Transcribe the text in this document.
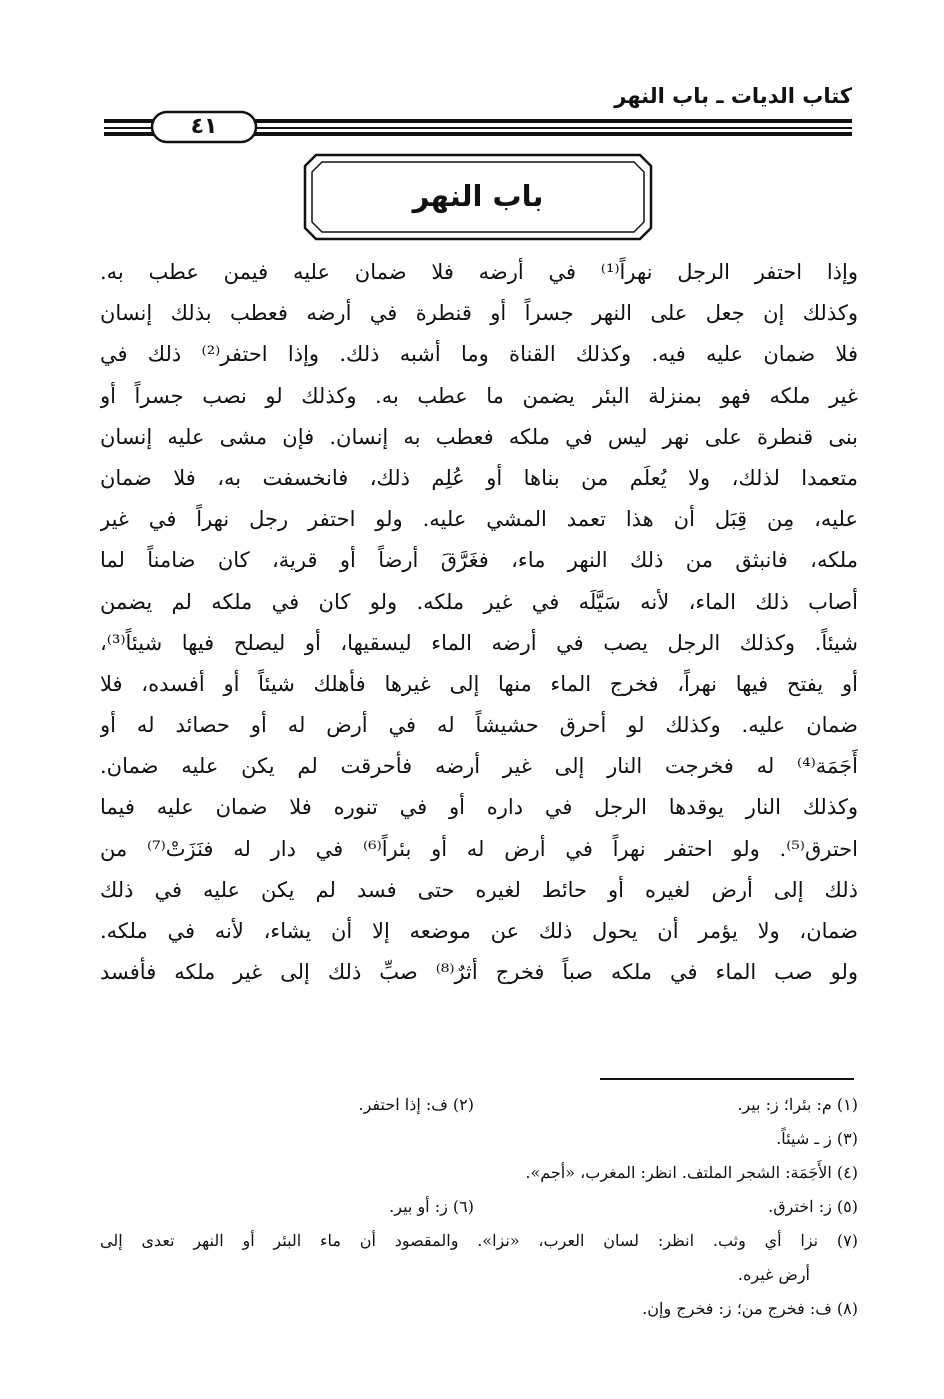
كتاب الديات ـ باب النهر
٤١
باب النهر
وإذا احتفر الرجل نهراً⁽¹⁾ في أرضه فلا ضمان عليه فيمن عطب به.
وكذلك إن جعل على النهر جسراً أو قنطرة في أرضه فعطب بذلك إنسان
فلا ضمان عليه فيه. وكذلك القناة وما أشبه ذلك. وإذا احتفر⁽²⁾ ذلك في
غير ملكه فهو بمنزلة البئر يضمن ما عطب به. وكذلك لو نصب جسراً أو
بنى قنطرة على نهر ليس في ملكه فعطب به إنسان. فإن مشى عليه إنسان
متعمدا لذلك، ولا يُعلَم من بناها أو عُلِم ذلك، فانخسفت به، فلا ضمان
عليه، مِن قِبَل أن هذا تعمد المشي عليه. ولو احتفر رجل نهراً في غير
ملكه، فانبثق من ذلك النهر ماء، فغَرَّقَ أرضاً أو قرية، كان ضامناً لما
أصاب ذلك الماء، لأنه سَيَّلَه في غير ملكه. ولو كان في ملكه لم يضمن
شيئاً. وكذلك الرجل يصب في أرضه الماء ليسقيها، أو ليصلح فيها شيئاً⁽³⁾،
أو يفتح فيها نهراً، فخرج الماء منها إلى غيرها فأهلك شيئاً أو أفسده، فلا
ضمان عليه. وكذلك لو أحرق حشيشاً له في أرض له أو حصائد له أو
أَجَمَة⁽⁴⁾ له فخرجت النار إلى غير أرضه فأحرقت لم يكن عليه ضمان.
وكذلك النار يوقدها الرجل في داره أو في تنوره فلا ضمان عليه فيما
احترق⁽⁵⁾. ولو احتفر نهراً في أرض له أو بئراً⁽⁶⁾ في دار له فنَزَتْ⁽⁷⁾ من
ذلك إلى أرض لغيره أو حائط لغيره حتى فسد لم يكن عليه في ذلك
ضمان، ولا يؤمر أن يحول ذلك عن موضعه إلا أن يشاء، لأنه في ملكه.
ولو صب الماء في ملكه صباً فخرج أثرٌ⁽⁸⁾ صبِّ ذلك إلى غير ملكه فأفسد
(١) م: بئرا؛ ز: بير.
(٢) ف: إذا احتفر.
(٣) ز ـ شيئاً.
(٤) الأَجَمَة: الشجر الملتف. انظر: المغرب، «أجم».
(٥) ز: اخترق.
(٦) ز: أو بير.
(٧) نزا أي وثب. انظر: لسان العرب، «نزا». والمقصود أن ماء البئر أو النهر تعدى إلى
أرض غيره.
(٨) ف: فخرج من؛ ز: فخرج وإن.
